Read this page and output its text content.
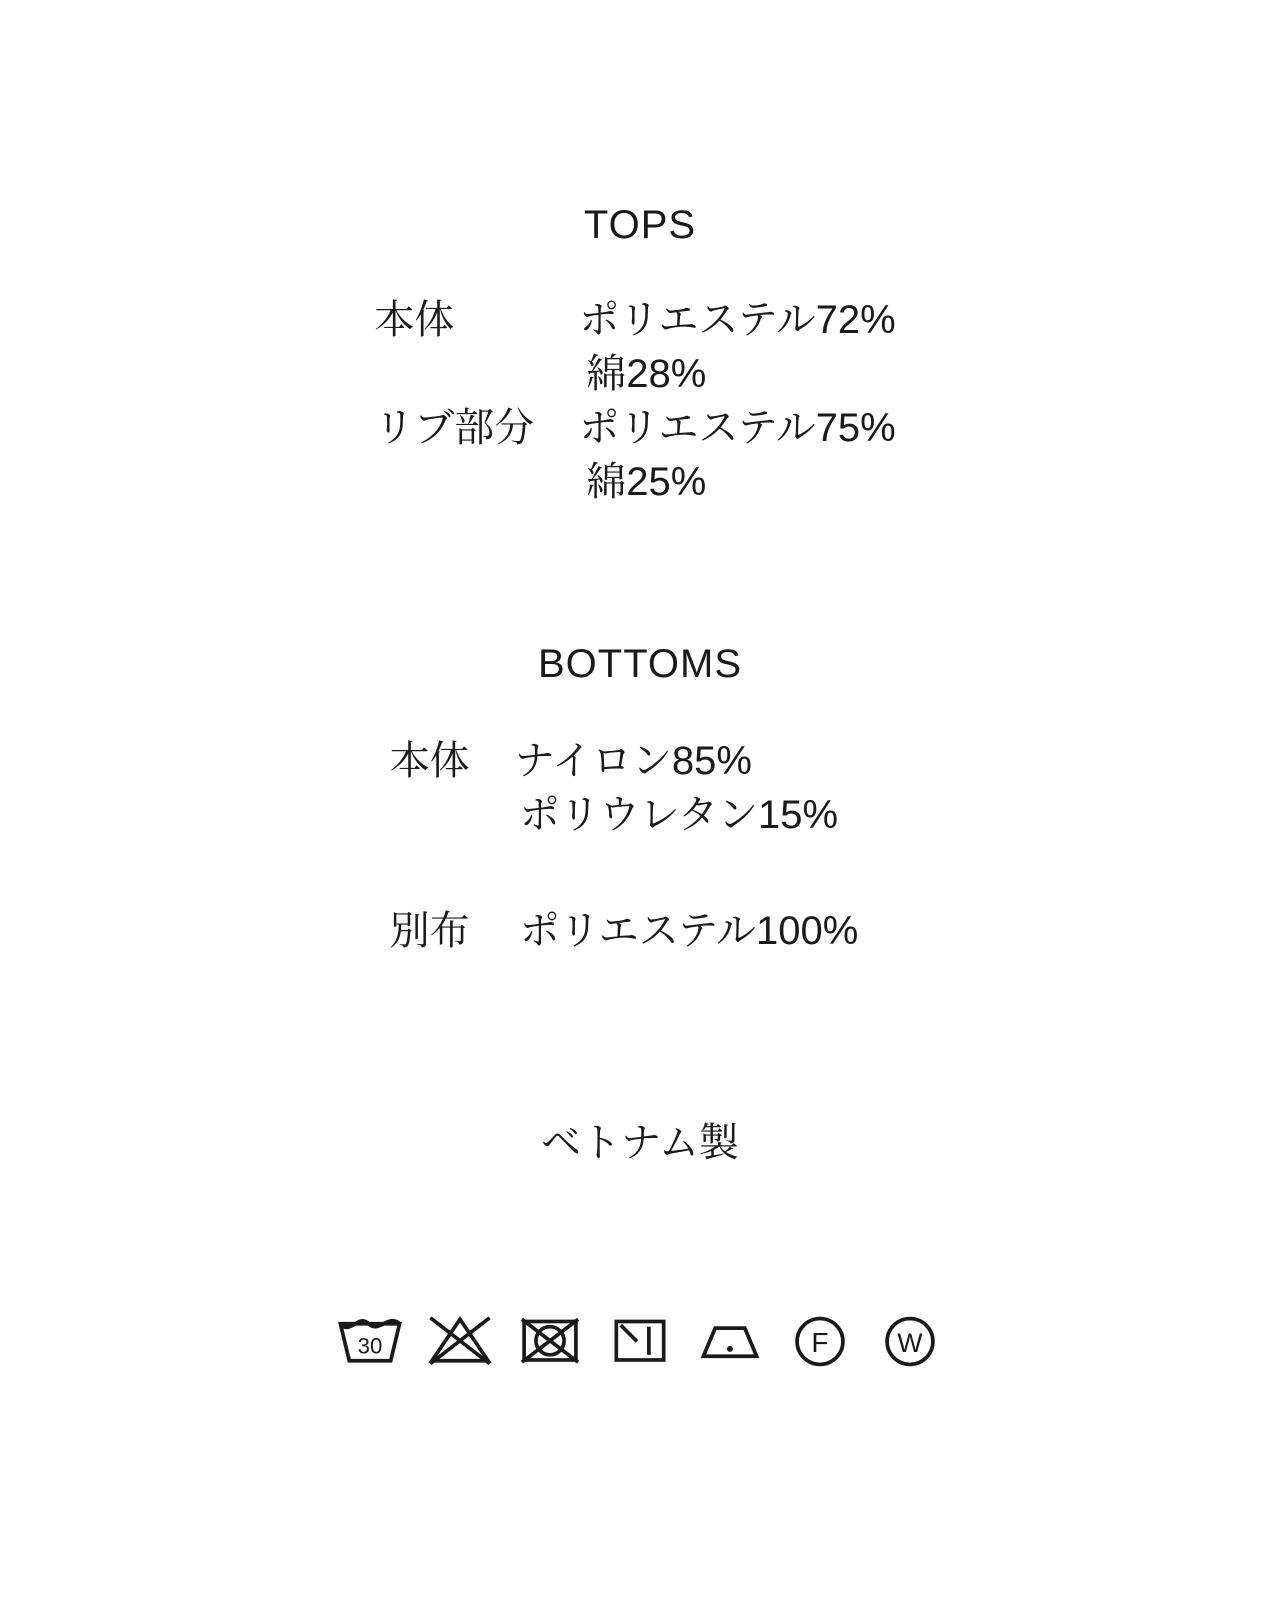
TOPS
本体	ポリエステル72%
綿28%
リブ部分	ポリエステル75%
綿25%
BOTTOMS
本体	ナイロン85%
ポリウレタン15%
別布	ポリエステル100%
ベトナム製
30	F W
